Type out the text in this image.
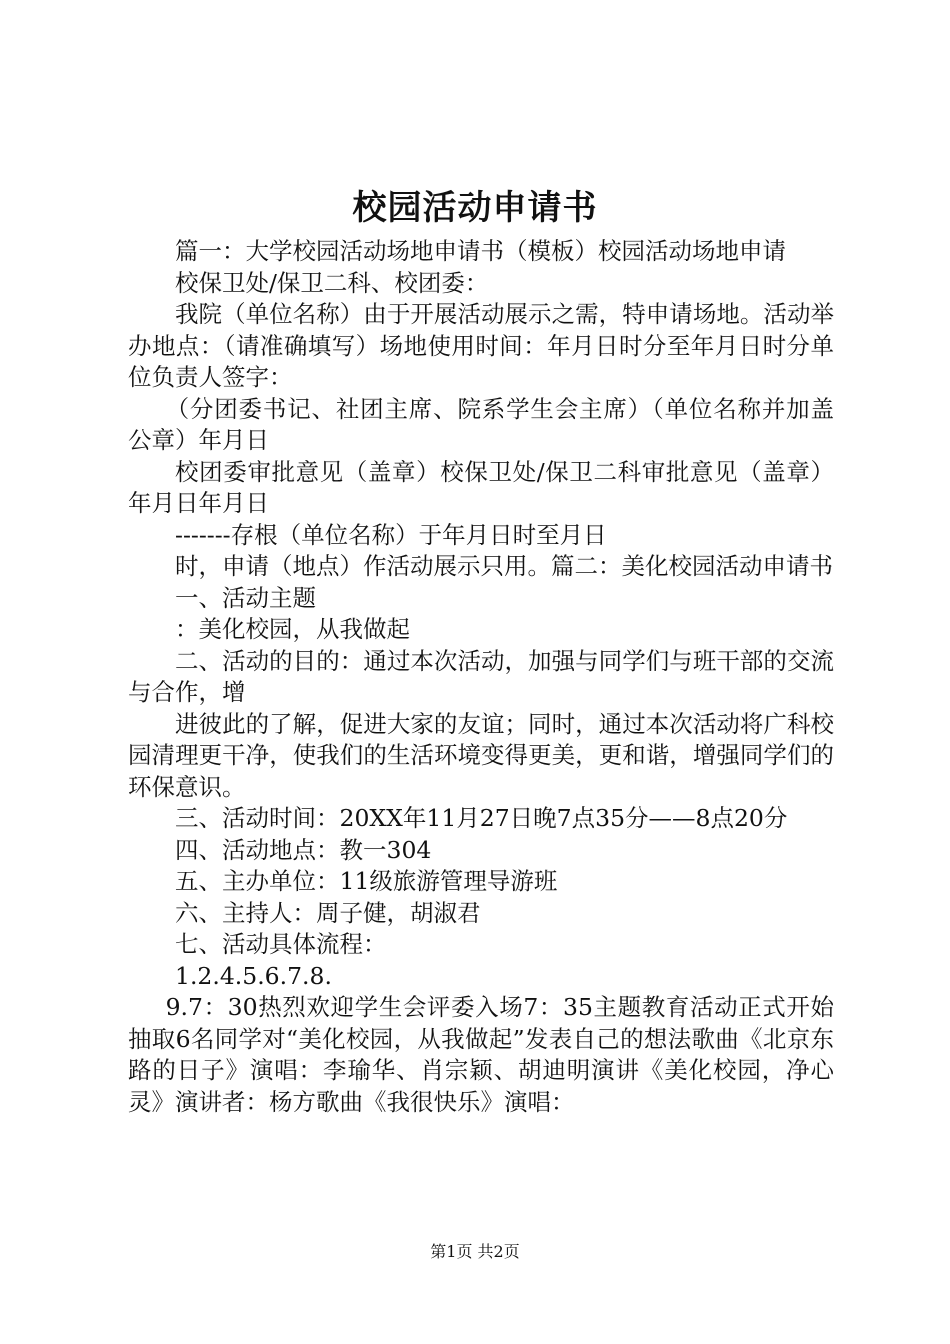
校园活动申请书

篇一：大学校园活动场地申请书（模板）校园活动场地申请

校保卫处/保卫二科、校团委：

我院（单位名称）由于开展活动展示之需，特申请场地。活动举办地点：（请准确填写）场地使用时间：年月日时分至年月日时分单位负责人签字：

（分团委书记、社团主席、院系学生会主席）（单位名称并加盖公章）年月日

校团委审批意见（盖章）校保卫处/保卫二科审批意见（盖章）年月日年月日

-------存根（单位名称）于年月日时至月日

时，申请（地点）作活动展示只用。篇二：美化校园活动申请书

一、活动主题

：美化校园，从我做起

二、活动的目的：通过本次活动，加强与同学们与班干部的交流与合作，增

进彼此的了解，促进大家的友谊；同时，通过本次活动将广科校园清理更干净，使我们的生活环境变得更美，更和谐，增强同学们的环保意识。

三、活动时间：20XX年11月27日晚7点35分——8点20分

四、活动地点：教一304

五、主办单位：11级旅游管理导游班

六、主持人：周子健，胡淑君

七、活动具体流程：

1.2.4.5.6.7.8.

9.7：30热烈欢迎学生会评委入场7：35主题教育活动正式开始抽取6名同学对“美化校园，从我做起”发表自己的想法歌曲《北京东路的日子》演唱：李瑜华、肖宗颖、胡迪明演讲《美化校园，净心灵》演讲者：杨方歌曲《我很快乐》演唱：

第1页 共2页
